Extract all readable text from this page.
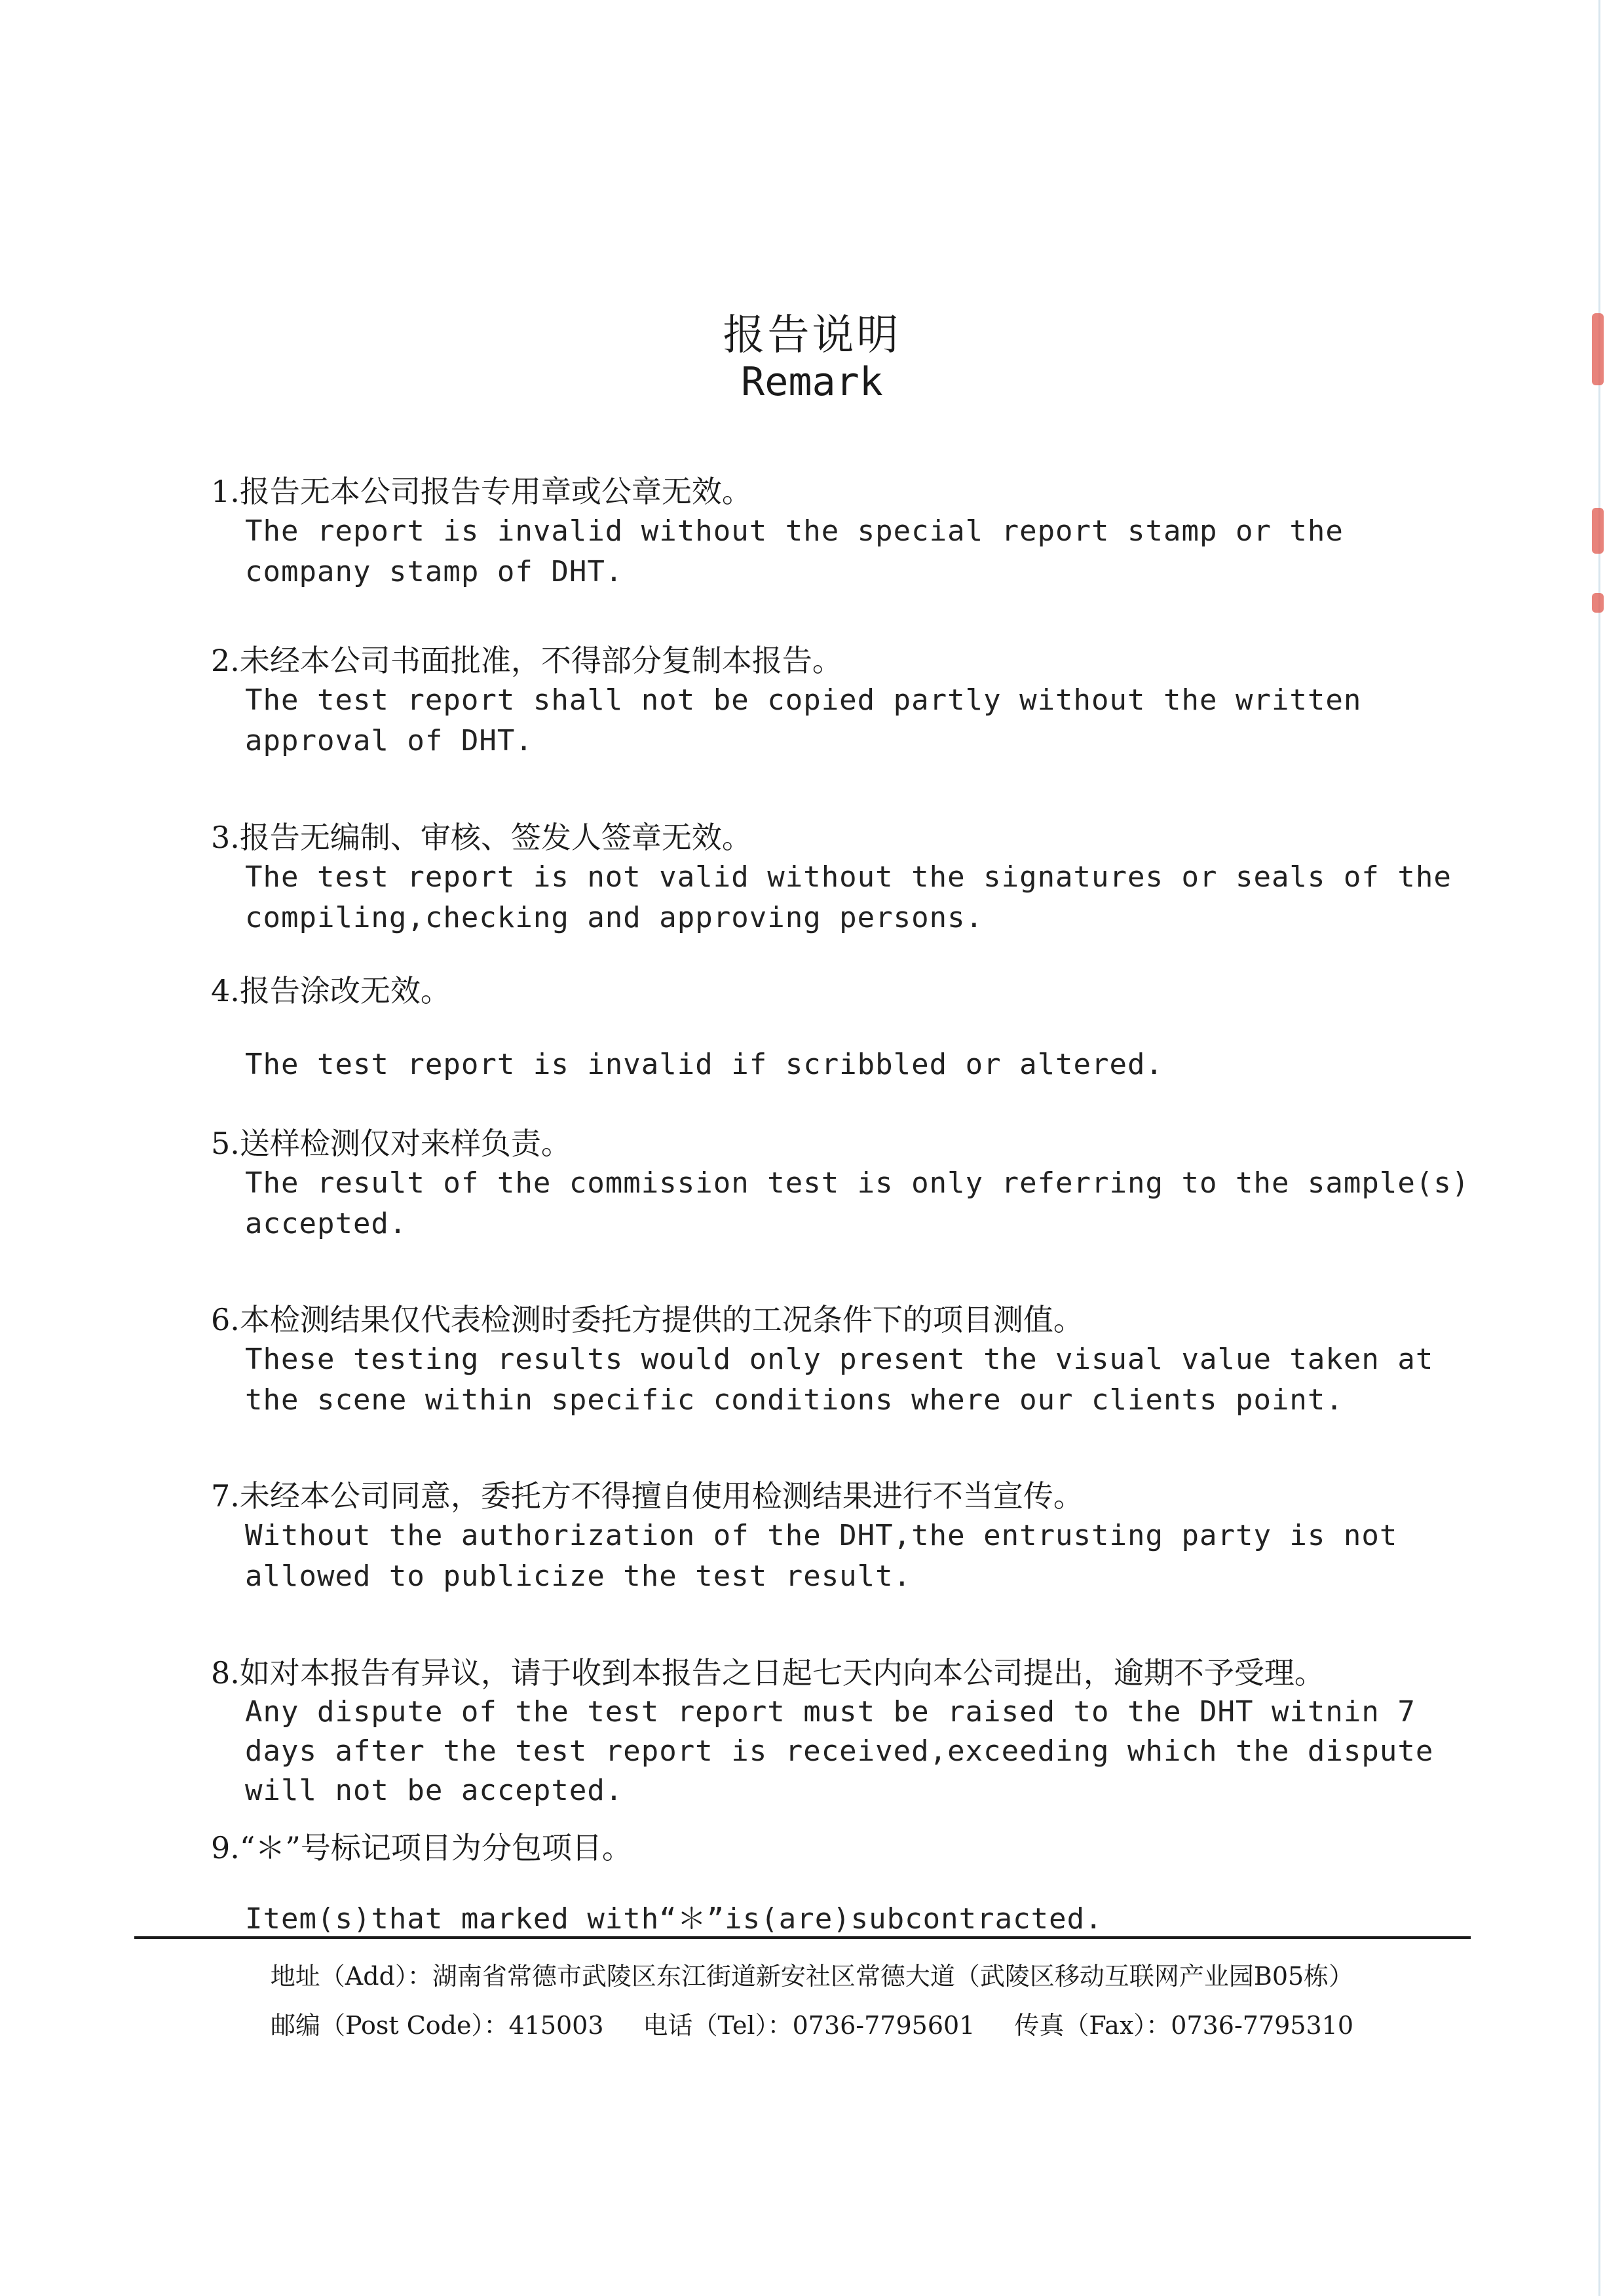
报告说明
Remark
1.报告无本公司报告专用章或公章无效。
The report is invalid without the special report stamp or the company stamp of DHT.
2.未经本公司书面批准，不得部分复制本报告。
The test report shall not be copied partly without the written approval of DHT.
3.报告无编制、审核、签发人签章无效。
The test report is not valid without the signatures or seals of the compiling,checking and approving persons.
4.报告涂改无效。
The test report is invalid if scribbled or altered.
5.送样检测仅对来样负责。
The result of the commission test is only referring to the sample(s) accepted.
6.本检测结果仅代表检测时委托方提供的工况条件下的项目测值。
These testing results would only present the visual value taken at the scene within specific conditions where our clients point.
7.未经本公司同意，委托方不得擅自使用检测结果进行不当宣传。
Without the authorization of the DHT,the entrusting party is not allowed to publicize the test result.
8.如对本报告有异议，请于收到本报告之日起七天内向本公司提出，逾期不予受理。
Any dispute of the test report must be raised to the DHT witnin 7 days after the test report is received,exceeding which the dispute will not be accepted.
9.“＊”号标记项目为分包项目。
Item(s)that marked with“＊”is(are)subcontracted.
地址（Add）：湖南省常德市武陵区东江街道新安社区常德大道（武陵区移动互联网产业园B05栋）
邮编（Post Code）：415003 电话（Tel）：0736-7795601 传真（Fax）：0736-7795310
